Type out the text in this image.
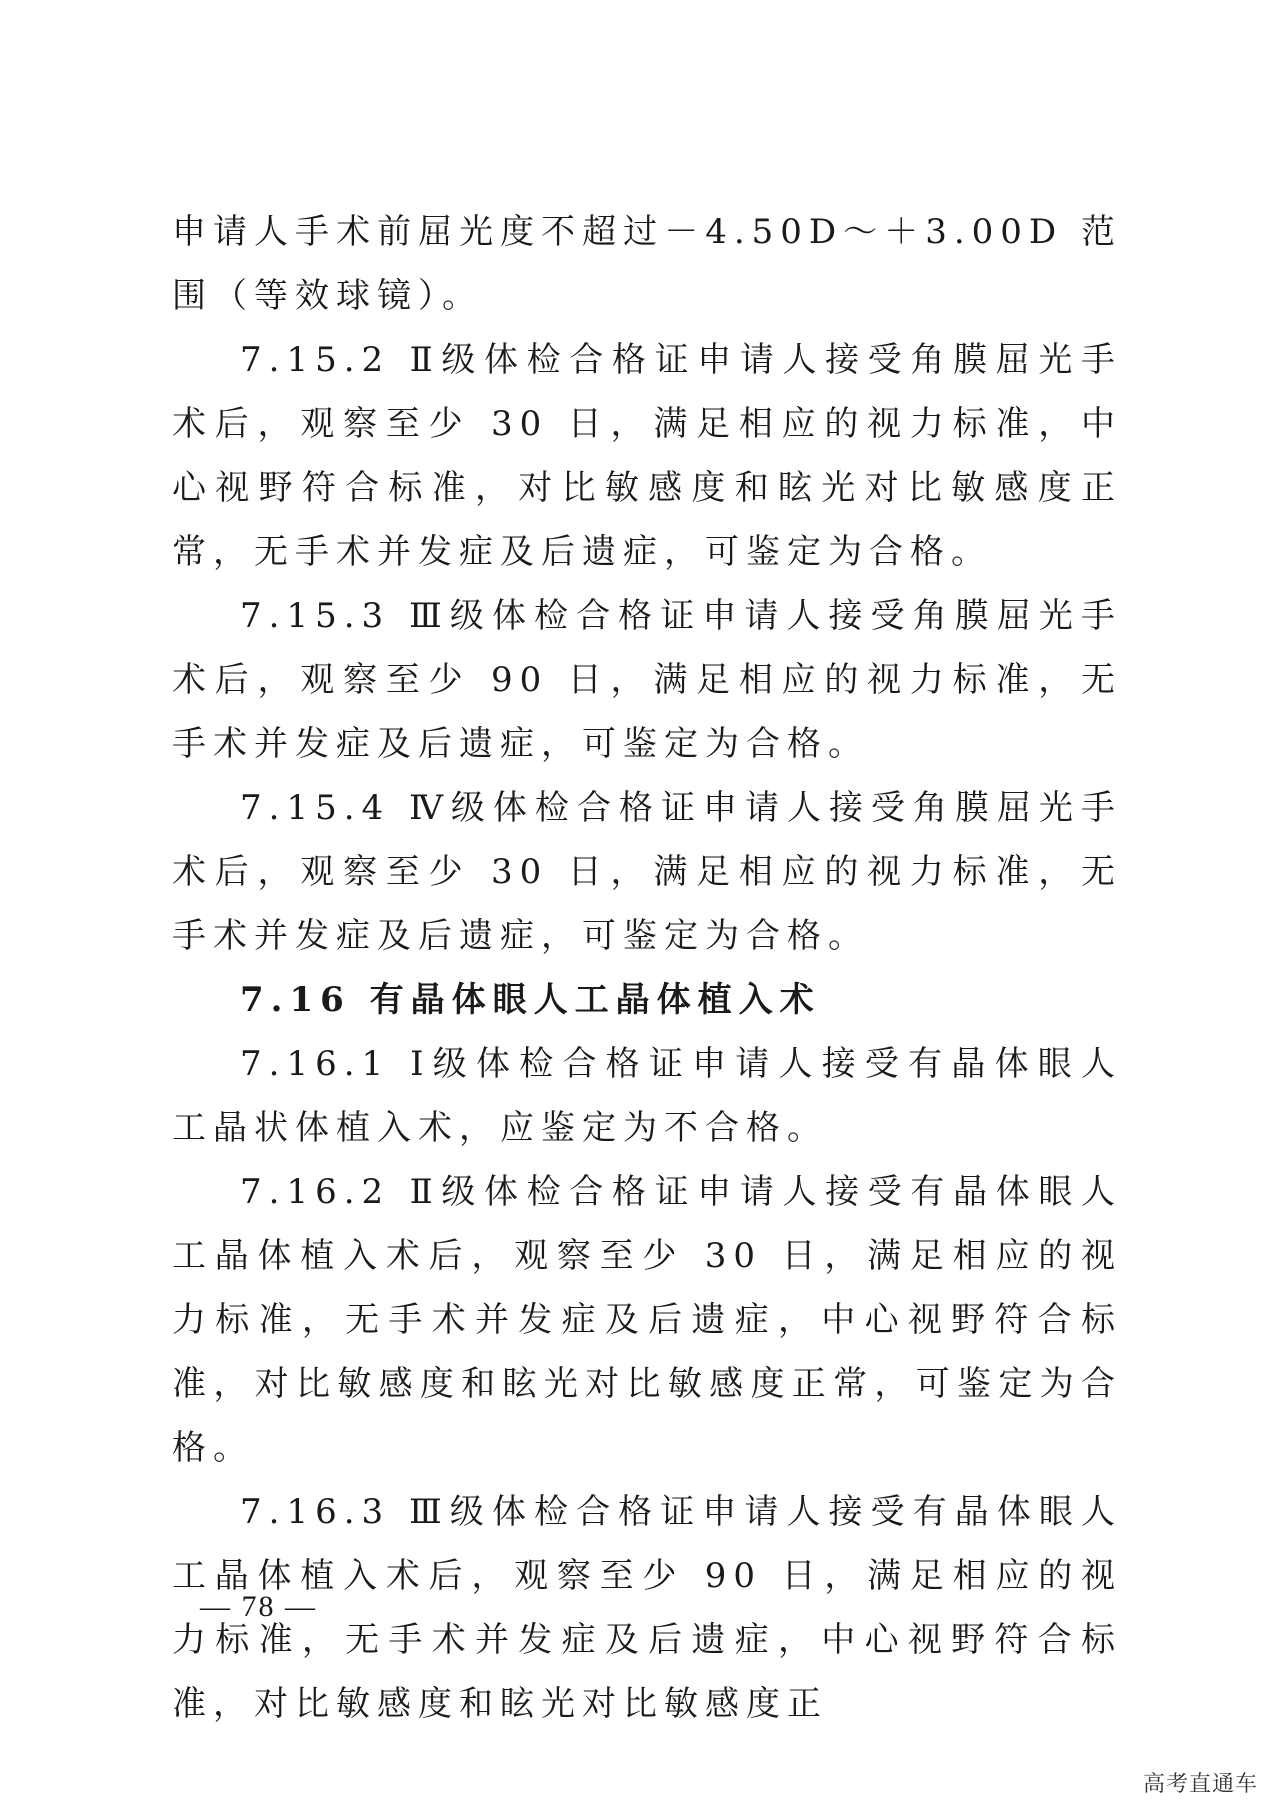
申请人手术前屈光度不超过－4.50D～＋3.00D 范围（等效球镜）。

7.15.2 Ⅱ级体检合格证申请人接受角膜屈光手术后，观察至少 30 日，满足相应的视力标准，中心视野符合标准，对比敏感度和眩光对比敏感度正常，无手术并发症及后遗症，可鉴定为合格。

7.15.3 Ⅲ级体检合格证申请人接受角膜屈光手术后，观察至少 90 日，满足相应的视力标准，无手术并发症及后遗症，可鉴定为合格。

7.15.4 Ⅳ级体检合格证申请人接受角膜屈光手术后，观察至少 30 日，满足相应的视力标准，无手术并发症及后遗症，可鉴定为合格。

7.16 有晶体眼人工晶体植入术

7.16.1 Ⅰ级体检合格证申请人接受有晶体眼人工晶状体植入术，应鉴定为不合格。

7.16.2 Ⅱ级体检合格证申请人接受有晶体眼人工晶体植入术后，观察至少 30 日，满足相应的视力标准，无手术并发症及后遗症，中心视野符合标准，对比敏感度和眩光对比敏感度正常，可鉴定为合格。

7.16.3 Ⅲ级体检合格证申请人接受有晶体眼人工晶体植入术后，观察至少 90 日，满足相应的视力标准，无手术并发症及后遗症，中心视野符合标准，对比敏感度和眩光对比敏感度正

— 78 —
高考直通车
